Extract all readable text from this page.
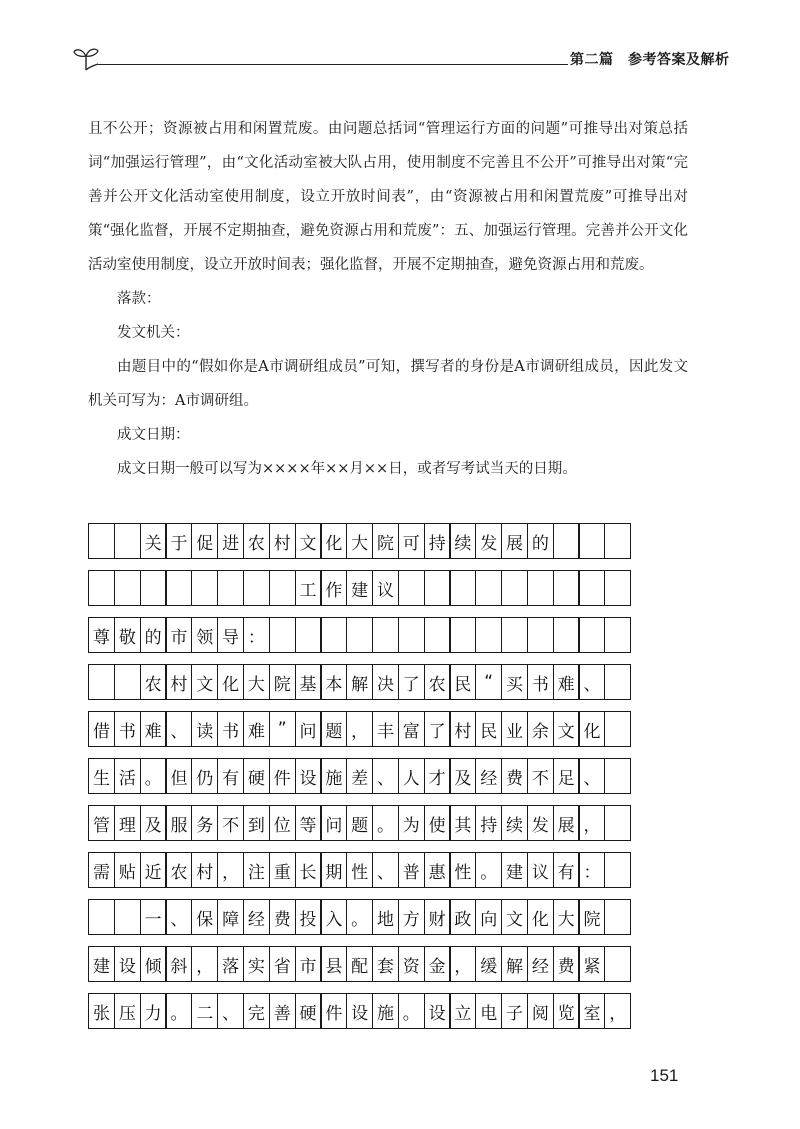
第二篇　参考答案及解析

且不公开；资源被占用和闲置荒废。由问题总括词“管理运行方面的问题”可推导出对策总括词“加强运行管理”，由“文化活动室被大队占用，使用制度不完善且不公开”可推导出对策“完善并公开文化活动室使用制度，设立开放时间表”，由“资源被占用和闲置荒废”可推导出对策“强化监督，开展不定期抽查，避免资源占用和荒废”：五、加强运行管理。完善并公开文化活动室使用制度，设立开放时间表；强化监督，开展不定期抽查，避免资源占用和荒废。

落款：

发文机关：

由题目中的“假如你是A市调研组成员”可知，撰写者的身份是A市调研组成员，因此发文机关可写为：A市调研组。

成文日期：

成文日期一般可以写为××××年××月××日，或者写考试当天的日期。

关 于 促 进 农 村 文 化 大 院 可 持 续 发 展 的
工 作 建 议
尊 敬 的 市 领 导 ：
农 村 文 化 大 院 基 本 解 决 了 农 民 “ 买 书 难 、
借 书 难 、 读 书 难 ” 问 题 ， 丰 富 了 村 民 业 余 文 化
生 活 。 但 仍 有 硬 件 设 施 差 、 人 才 及 经 费 不 足 、
管 理 及 服 务 不 到 位 等 问 题 。 为 使 其 持 续 发 展 ，
需 贴 近 农 村 ， 注 重 长 期 性 、 普 惠 性 。 建 议 有 ：
一 、 保 障 经 费 投 入 。 地 方 财 政 向 文 化 大 院
建 设 倾 斜 ， 落 实 省 市 县 配 套 资 金 ， 缓 解 经 费 紧
张 压 力 。 二 、 完 善 硬 件 设 施 。 设 立 电 子 阅 览 室 ，
151
